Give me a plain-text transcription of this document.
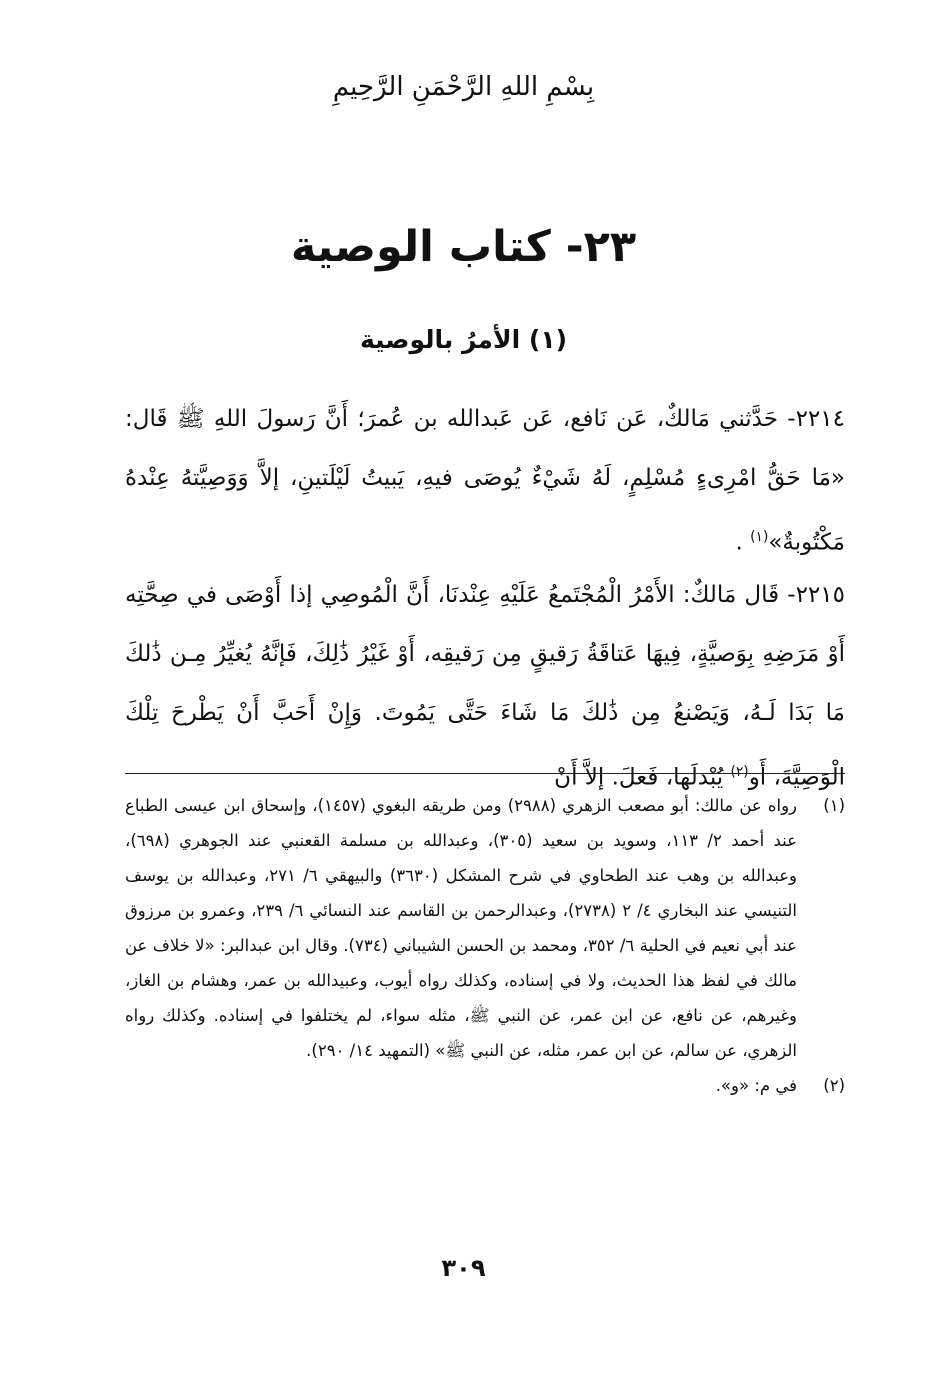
بِسْمِ اللهِ الرَّحْمَنِ الرَّحِيمِ
٢٣- كتاب الوصية
(١) الأمرُ بالوصية
٢٢١٤- حَدَّثني مَالكٌ، عَن نَافع، عَن عَبدالله بن عُمرَ؛ أَنَّ رَسولَ اللهِ ﷺ قَال: «مَا حَقُّ امْرِىءٍ مُسْلِمٍ، لَهُ شَيْءٌ يُوصَى فيهِ، يَبيتُ لَيْلَتينِ، إلاَّ وَوَصِيَّتهُ عِنْدهُ مَكْتُوبةٌ»$^{(١)}$ .
٢٢١٥- قَال مَالكٌ: الأَمْرُ الْمُجْتَمعُ عَلَيْهِ عِنْدنَا، أَنَّ الْمُوصِي إذا أَوْصَى في صِحَّتِه أَوْ مَرَضِهِ بِوَصيَّةٍ، فِيهَا عَتاقَةُ رَقيقٍ مِن رَقيقِه، أَوْ غَيْرُ ذَٰلِكَ، فَإنَّهُ يُغيِّرُ مِـن ذَٰلكَ مَا بَدَا لَـهُ، وَيَصْنعُ مِن ذَٰلكَ مَا شَاءَ حَتَّى يَمُوتَ. وَإِنْ أَحَبَّ أَنْ يَطْرحَ تِلْكَ الْوَصِيَّةَ، أَو$^{(٢)}$ يُبْدلَها، فَعلَ. إلاَّ أَنْ
(١)
رواه عن مالك: أبو مصعب الزهري (٢٩٨٨) ومن طريقه البغوي (١٤٥٧)، وإسحاق ابن عيسى الطباع عند أحمد ٢/ ١١٣، وسويد بن سعيد (٣٠٥)، وعبدالله بن مسلمة القعنبي عند الجوهري (٦٩٨)، وعبدالله بن وهب عند الطحاوي في شرح المشكل (٣٦٣٠) والبيهقي ٦/ ٢٧١، وعبدالله بن يوسف التنيسي عند البخاري ٤/ ٢ (٢٧٣٨)، وعبدالرحمن بن القاسم عند النسائي ٦/ ٢٣٩، وعمرو بن مرزوق عند أبي نعيم في الحلية ٦/ ٣٥٢، ومحمد بن الحسن الشيباني (٧٣٤). وقال ابن عبدالبر: «لا خلاف عن مالك في لفظ هذا الحديث، ولا في إسناده، وكذلك رواه أيوب، وعبيدالله بن عمر، وهشام بن الغاز، وغيرهم، عن نافع، عن ابن عمر، عن النبي ﷺ، مثله سواء، لم يختلفوا في إسناده. وكذلك رواه الزهري، عن سالم، عن ابن عمر، مثله، عن النبي ﷺ» (التمهيد ١٤/ ٢٩٠).
(٢)
في م: «و».
٣٠٩
